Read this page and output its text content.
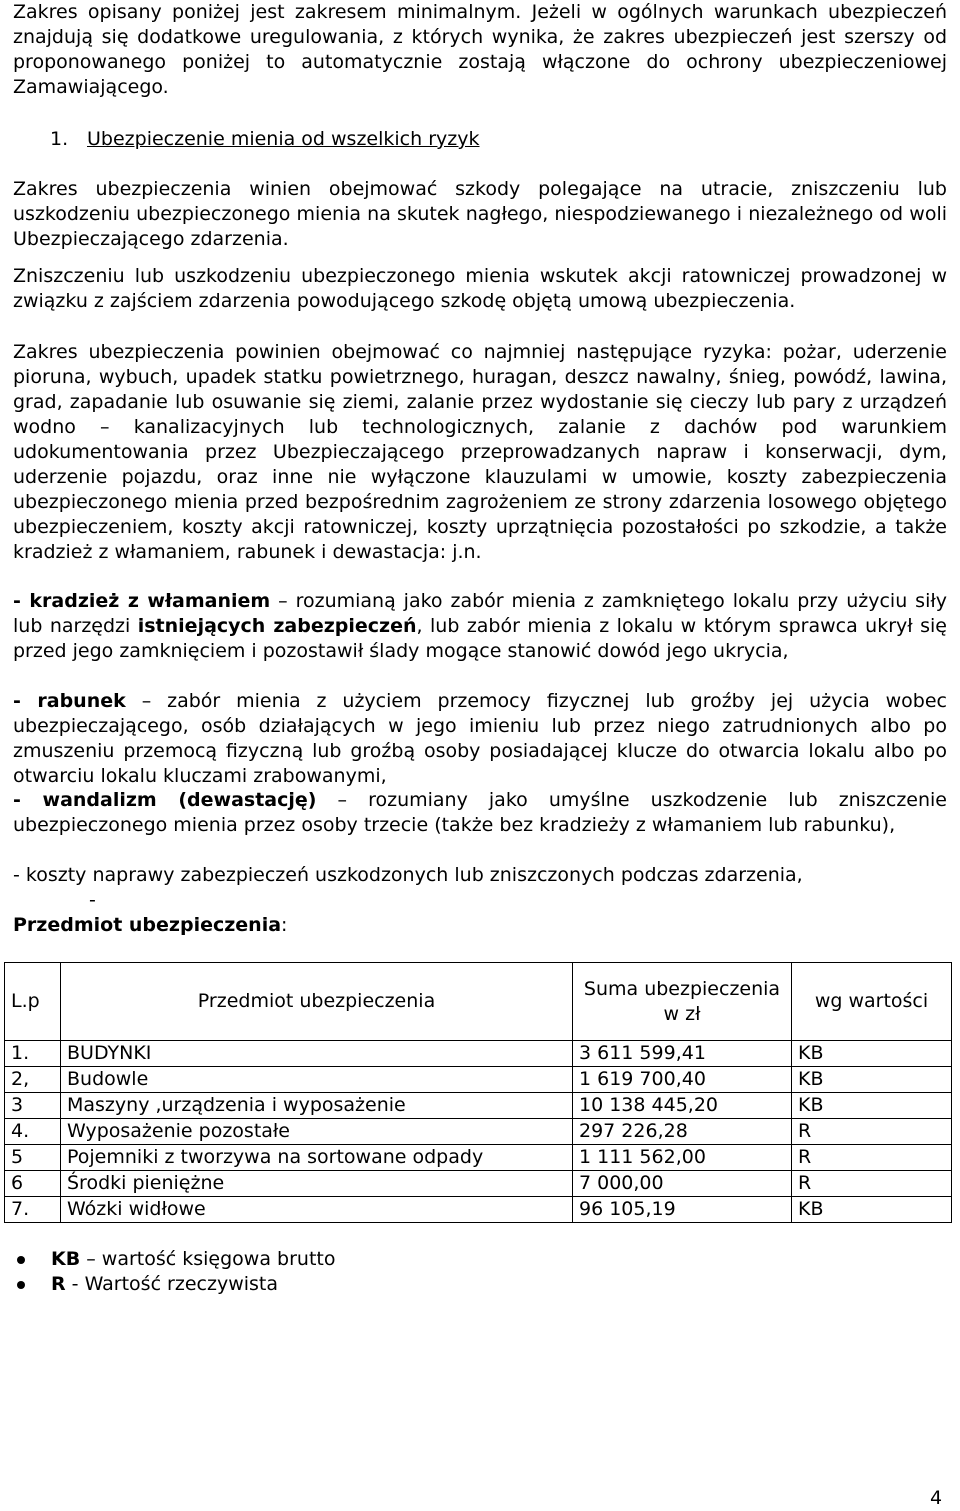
Zakres opisany poniżej jest zakresem minimalnym. Jeżeli w ogólnych warunkach ubezpieczeń znajdują się dodatkowe uregulowania, z których wynika, że zakres ubezpieczeń jest szerszy od proponowanego poniżej to automatycznie zostają włączone do ochrony ubezpieczeniowej Zamawiającego.

1. Ubezpieczenie mienia od wszelkich ryzyk

Zakres ubezpieczenia winien obejmować szkody polegające na utracie, zniszczeniu lub uszkodzeniu ubezpieczonego mienia na skutek nagłego, niespodziewanego i niezależnego od woli Ubezpieczającego zdarzenia.

Zniszczeniu lub uszkodzeniu ubezpieczonego mienia wskutek akcji ratowniczej prowadzonej w związku z zajściem zdarzenia powodującego szkodę objętą umową ubezpieczenia.

Zakres ubezpieczenia powinien obejmować co najmniej następujące ryzyka: pożar, uderzenie pioruna, wybuch, upadek statku powietrznego, huragan, deszcz nawalny, śnieg, powódź, lawina, grad, zapadanie lub osuwanie się ziemi, zalanie przez wydostanie się cieczy lub pary z urządzeń wodno – kanalizacyjnych lub technologicznych, zalanie z dachów pod warunkiem udokumentowania przez Ubezpieczającego przeprowadzanych napraw i konserwacji, dym, uderzenie pojazdu, oraz inne nie wyłączone klauzulami w umowie, koszty zabezpieczenia ubezpieczonego mienia przed bezpośrednim zagrożeniem ze strony zdarzenia losowego objętego ubezpieczeniem, koszty akcji ratowniczej, koszty uprzątnięcia pozostałości po szkodzie, a także kradzież z włamaniem, rabunek i dewastacja: j.n.

- kradzież z włamaniem – rozumianą jako zabór mienia z zamkniętego lokalu przy użyciu siły lub narzędzi istniejących zabezpieczeń, lub zabór mienia z lokalu w którym sprawca ukrył się przed jego zamknięciem i pozostawił ślady mogące stanowić dowód jego ukrycia,

- rabunek – zabór mienia z użyciem przemocy fizycznej lub groźby jej użycia wobec ubezpieczającego, osób działających w jego imieniu lub przez niego zatrudnionych albo po zmuszeniu przemocą fizyczną lub groźbą osoby posiadającej klucze do otwarcia lokalu albo po otwarciu lokalu kluczami zrabowanymi,

- wandalizm (dewastację) – rozumiany jako umyślne uszkodzenie lub zniszczenie ubezpieczonego mienia przez osoby trzecie (także bez kradzieży z włamaniem lub rabunku),

- koszty naprawy zabezpieczeń uszkodzonych lub zniszczonych podczas zdarzenia,

-

Przedmiot ubezpieczenia:

L.p	Przedmiot ubezpieczenia	Suma ubezpieczenia w zł	wg wartości
1.	BUDYNKI	3 611 599,41	KB
2,	Budowle	1 619 700,40	KB
3	Maszyny ,urządzenia i wyposażenie	10 138 445,20	KB
4.	Wyposażenie pozostałe	297 226,28	R
5	Pojemniki z tworzywa na sortowane odpady	1 111 562,00	R
6	Środki pieniężne	7 000,00	R
7.	Wózki widłowe	96 105,19	KB
KB – wartość księgowa brutto
R - Wartość rzeczywista
4
